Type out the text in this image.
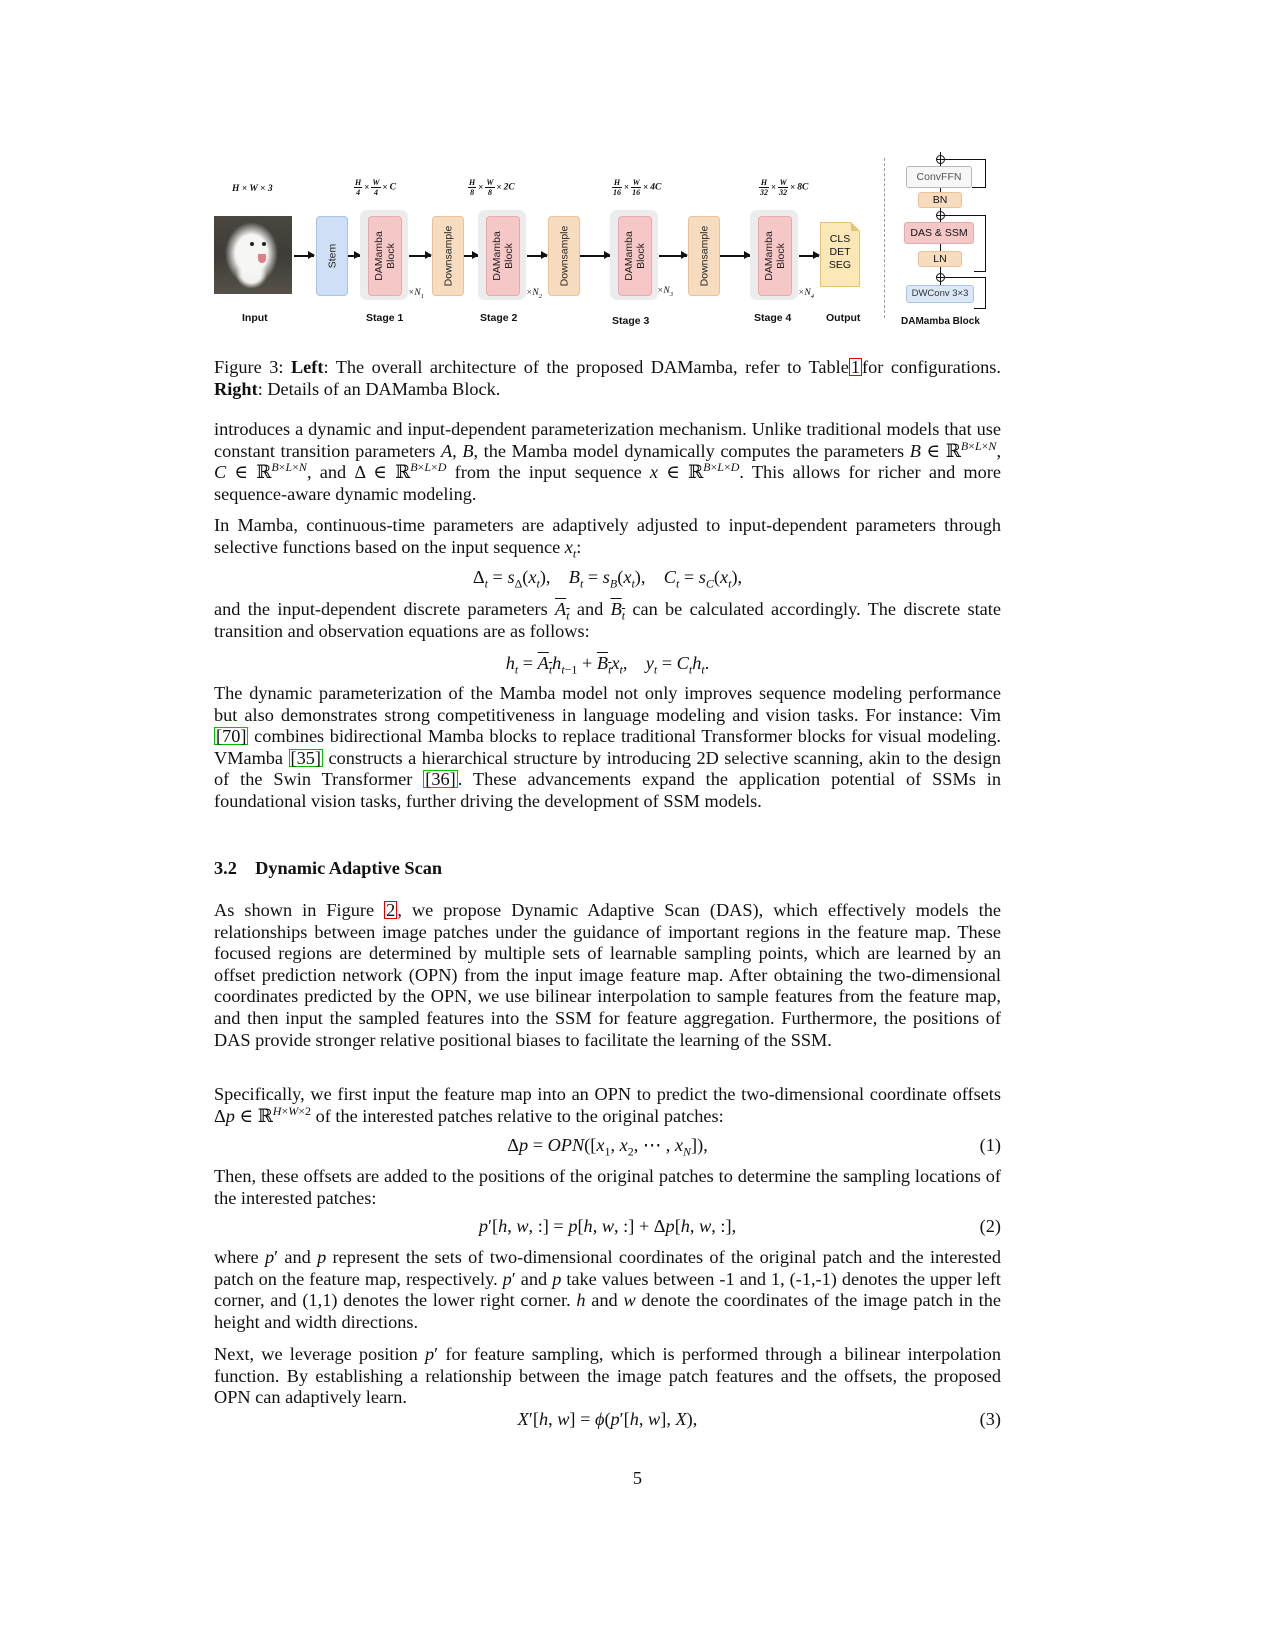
H × W × 3	$\frac{H}{4} \times \frac{W}{4} \times C$	$\frac{H}{8} \times \frac{W}{8} \times 2C$	$\frac{H}{16} \times \frac{W}{16} \times 4C$	$\frac{H}{32} \times \frac{W}{32} \times 8C$
Stem	DAMamba
Block
$\times N_1$
Downsample	DAMamba
Block
$\times N_2$
Downsample	DAMamba
Block
$\times N_3$
Downsample	DAMamba
Block
$\times N_4$
CLS
DET
SEG
Input	Stage 1	Stage 2	Stage 3	Stage 4	Output
ConvFFN
BN
DAS & SSM
LN
DWConv 3×3
DAMamba Block
Figure 3: Left: The overall architecture of the proposed DAMamba, refer to Table 1 for configurations. Right: Details of an DAMamba Block.
introduces a dynamic and input-dependent parameterization mechanism. Unlike traditional models that use constant transition parameters A, B, the Mamba model dynamically computes the parameters B ∈ ℝ$^{B\times L\times N}$, C ∈ ℝ$^{B\times L\times N}$, and Δ ∈ ℝ$^{B\times L\times D}$ from the input sequence x ∈ ℝ$^{B\times L\times D}$. This allows for richer and more sequence-aware dynamic modeling.
In Mamba, continuous-time parameters are adaptively adjusted to input-dependent parameters through selective functions based on the input sequence $x_t$:
$\Delta_t = s_\Delta(x_t)$,    $B_t = s_B(x_t)$,    $C_t = s_C(x_t)$,
and the input-dependent discrete parameters $A_t$ and $B_t$ can be calculated accordingly. The discrete state transition and observation equations are as follows:
$h_t = A_th_{t-1} + B_tx_t$,    $y_t = C_th_t$.
The dynamic parameterization of the Mamba model not only improves sequence modeling performance but also demonstrates strong competitiveness in language modeling and vision tasks. For instance: Vim [70] combines bidirectional Mamba blocks to replace traditional Transformer blocks for visual modeling. VMamba [35] constructs a hierarchical structure by introducing 2D selective scanning, akin to the design of the Swin Transformer [36] . These advancements expand the application potential of SSMs in foundational vision tasks, further driving the development of SSM models.
3.2    Dynamic Adaptive Scan
As shown in Figure 2 , we propose Dynamic Adaptive Scan (DAS), which effectively models the relationships between image patches under the guidance of important regions in the feature map. These focused regions are determined by multiple sets of learnable sampling points, which are learned by an offset prediction network (OPN) from the input image feature map. After obtaining the two-dimensional coordinates predicted by the OPN, we use bilinear interpolation to sample features from the feature map, and then input the sampled features into the SSM for feature aggregation. Furthermore, the positions of DAS provide stronger relative positional biases to facilitate the learning of the SSM.
Specifically, we first input the feature map into an OPN to predict the two-dimensional coordinate offsets Δp ∈ ℝ$^{H\times W\times 2}$ of the interested patches relative to the original patches:
$\Delta p = OPN([x_1$, $x_2$, ⋯ , $x_N$]),	(1)
Then, these offsets are added to the positions of the original patches to determine the sampling locations of the interested patches:
p′[h, w, :] = p[h, w, :] + Δp[h, w, :],	(2)
where p′ and p represent the sets of two-dimensional coordinates of the original patch and the interested patch on the feature map, respectively. p′ and p take values between -1 and 1, (-1,-1) denotes the upper left corner, and (1,1) denotes the lower right corner. h and w denote the coordinates of the image patch in the height and width directions.
Next, we leverage position p′ for feature sampling, which is performed through a bilinear interpolation function. By establishing a relationship between the image patch features and the offsets, the proposed OPN can adaptively learn.
X′[h, w] = ϕ(p′[h, w], X),	(3)
5
